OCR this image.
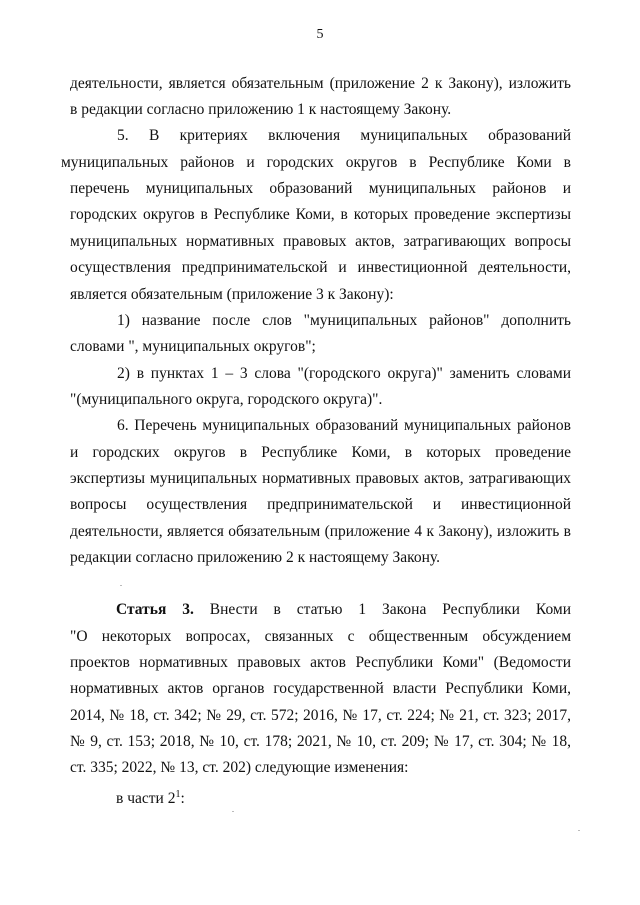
5
деятельности, является обязательным (приложение 2 к Закону), изложить
в редакции согласно приложению 1 к настоящему Закону.
5. В критериях включения муниципальных образований
муниципальных районов и городских округов в Республике Коми в
перечень муниципальных образований муниципальных районов и
городских округов в Республике Коми, в которых проведение экспертизы
муниципальных нормативных правовых актов, затрагивающих вопросы
осуществления предпринимательской и инвестиционной деятельности,
является обязательным (приложение 3 к Закону):
1) название после слов "муниципальных районов" дополнить
словами ", муниципальных округов";
2) в пунктах 1 – 3 слова "(городского округа)" заменить словами
"(муниципального округа, городского округа)".
6. Перечень муниципальных образований муниципальных районов
и городских округов в Республике Коми, в которых проведение
экспертизы муниципальных нормативных правовых актов, затрагивающих
вопросы осуществления предпринимательской и инвестиционной
деятельности, является обязательным (приложение 4 к Закону), изложить в
редакции согласно приложению 2 к настоящему Закону.
Статья 3. Внести в статью 1 Закона Республики Коми
"О некоторых вопросах, связанных с общественным обсуждением
проектов нормативных правовых актов Республики Коми" (Ведомости
нормативных актов органов государственной власти Республики Коми,
2014, № 18, ст. 342; № 29, ст. 572; 2016, № 17, ст. 224; № 21, ст. 323; 2017,
№ 9, ст. 153; 2018, № 10, ст. 178; 2021, № 10, ст. 209; № 17, ст. 304; № 18,
ст. 335; 2022, № 13, ст. 202) следующие изменения:
в части $2^1$:
